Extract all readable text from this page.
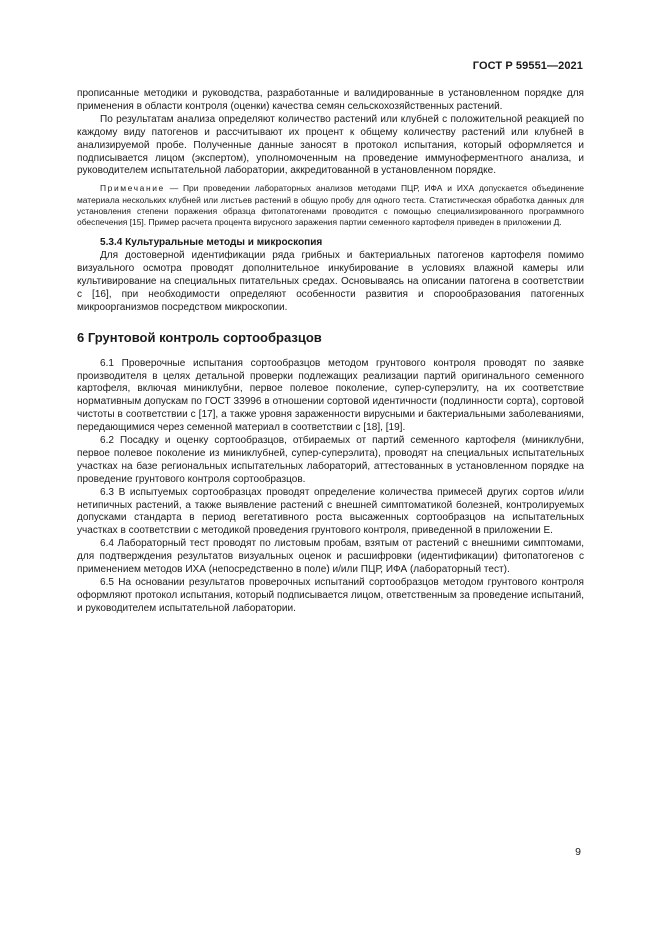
ГОСТ Р 59551—2021

прописанные методики и руководства, разработанные и валидированные в установленном порядке для применения в области контроля (оценки) качества семян сельскохозяйственных растений.

По результатам анализа определяют количество растений или клубней с положительной реакцией по каждому виду патогенов и рассчитывают их процент к общему количеству растений или клубней в анализируемой пробе. Полученные данные заносят в протокол испытания, который оформляется и подписывается лицом (экспертом), уполномоченным на проведение иммуноферментного анализа, и руководителем испытательной лаборатории, аккредитованной в установленном порядке.

Примечание — При проведении лабораторных анализов методами ПЦР, ИФА и ИХА допускается объединение материала нескольких клубней или листьев растений в общую пробу для одного теста. Статистическая обработка данных для установления степени поражения образца фитопатогенами проводится с помощью специализированного программного обеспечения [15]. Пример расчета процента вирусного заражения партии семенного картофеля приведен в приложении Д.

5.3.4 Культуральные методы и микроскопия

Для достоверной идентификации ряда грибных и бактериальных патогенов картофеля помимо визуального осмотра проводят дополнительное инкубирование в условиях влажной камеры или культивирование на специальных питательных средах. Основываясь на описании патогена в соответствии с [16], при необходимости определяют особенности развития и спорообразования патогенных микроорганизмов посредством микроскопии.

6 Грунтовой контроль сортообразцов

6.1 Проверочные испытания сортообразцов методом грунтового контроля проводят по заявке производителя в целях детальной проверки подлежащих реализации партий оригинального семенного картофеля, включая миниклубни, первое полевое поколение, супер-суперэлиту, на их соответствие нормативным допускам по ГОСТ 33996 в отношении сортовой идентичности (подлинности сорта), сортовой чистоты в соответствии с [17], а также уровня зараженности вирусными и бактериальными заболеваниями, передающимися через семенной материал в соответствии с [18], [19].

6.2 Посадку и оценку сортообразцов, отбираемых от партий семенного картофеля (миниклубни, первое полевое поколение из миниклубней, супер-суперэлита), проводят на специальных испытательных участках на базе региональных испытательных лабораторий, аттестованных в установленном порядке на проведение грунтового контроля сортообразцов.

6.3 В испытуемых сортообразцах проводят определение количества примесей других сортов и/или нетипичных растений, а также выявление растений с внешней симптоматикой болезней, контролируемых допусками стандарта в период вегетативного роста высаженных сортообразцов на испытательных участках в соответствии с методикой проведения грунтового контроля, приведенной в приложении Е.

6.4 Лабораторный тест проводят по листовым пробам, взятым от растений с внешними симптомами, для подтверждения результатов визуальных оценок и расшифровки (идентификации) фитопатогенов с применением методов ИХА (непосредственно в поле) и/или ПЦР, ИФА (лабораторный тест).

6.5 На основании результатов проверочных испытаний сортообразцов методом грунтового контроля оформляют протокол испытания, который подписывается лицом, ответственным за проведение испытаний, и руководителем испытательной лаборатории.

9
